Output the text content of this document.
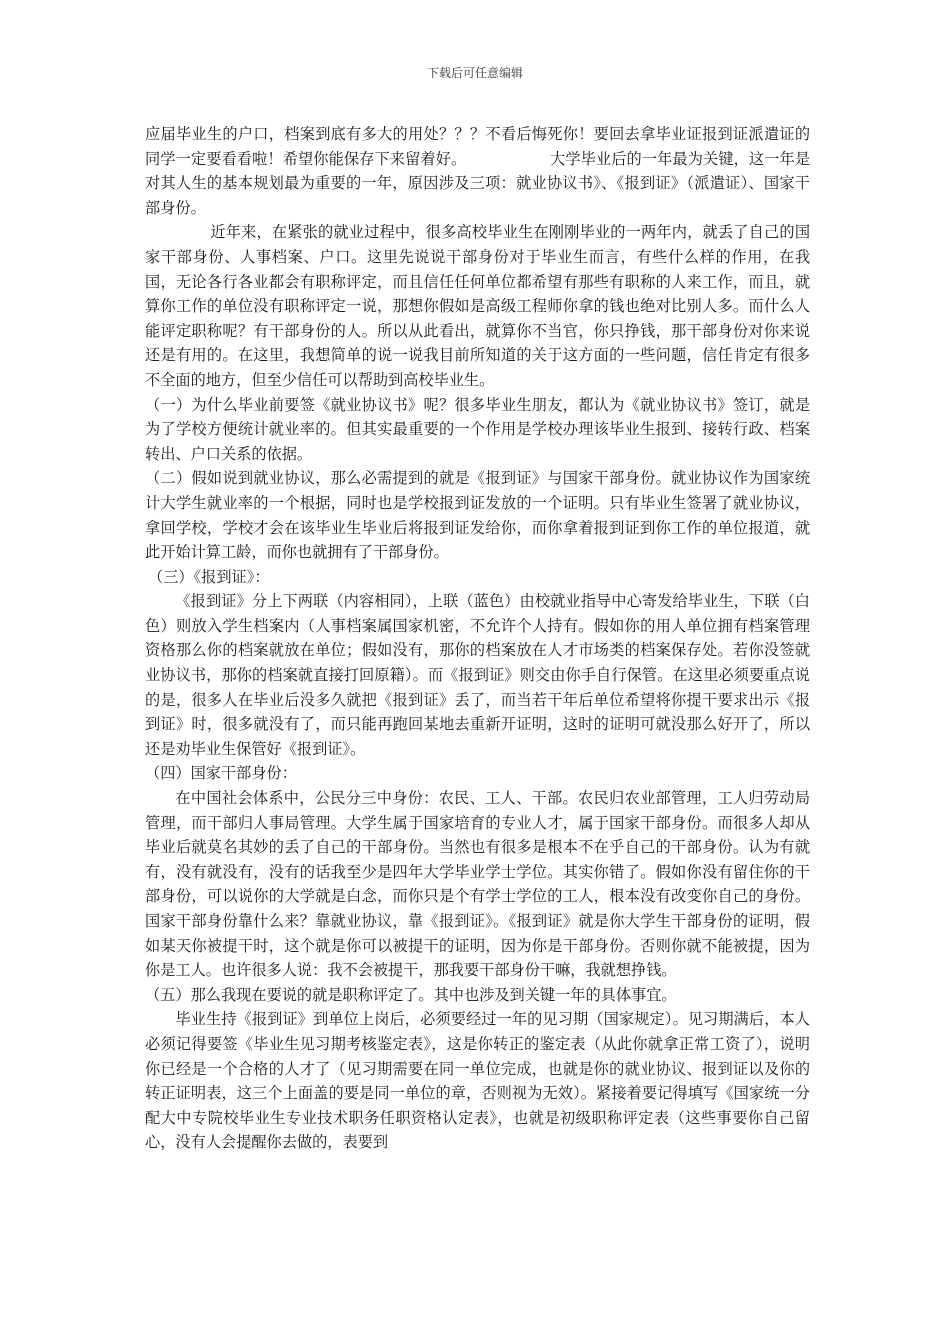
下载后可任意编辑

应届毕业生的户口，档案到底有多大的用处？？？不看后悔死你！要回去拿毕业证报到证派遣证的同学一定要看看啦！希望你能保存下来留着好。	大学毕业后的一年最为关键，这一年是对其人生的基本规划最为重要的一年，原因涉及三项：就业协议书》、《报到证》（派遣证）、国家干部身份。

近年来，在紧张的就业过程中，很多高校毕业生在刚刚毕业的一两年内，就丢了自己的国家干部身份、人事档案、户口。这里先说说干部身份对于毕业生而言，有些什么样的作用，在我国，无论各行各业都会有职称评定，而且信任任何单位都希望有那些有职称的人来工作，而且，就算你工作的单位没有职称评定一说，那想你假如是高级工程师你拿的钱也绝对比别人多。而什么人能评定职称呢？有干部身份的人。所以从此看出，就算你不当官，你只挣钱，那干部身份对你来说还是有用的。在这里，我想简单的说一说我目前所知道的关于这方面的一些问题，信任肯定有很多不全面的地方，但至少信任可以帮助到高校毕业生。

（一）为什么毕业前要签《就业协议书》呢？很多毕业生朋友，都认为《就业协议书》签订，就是为了学校方便统计就业率的。但其实最重要的一个作用是学校办理该毕业生报到、接转行政、档案转出、户口关系的依据。

（二）假如说到就业协议，那么必需提到的就是《报到证》与国家干部身份。就业协议作为国家统计大学生就业率的一个根据，同时也是学校报到证发放的一个证明。只有毕业生签署了就业协议，拿回学校，学校才会在该毕业生毕业后将报到证发给你，而你拿着报到证到你工作的单位报道，就此开始计算工龄，而你也就拥有了干部身份。

（三）《报到证》：

《报到证》分上下两联（内容相同），上联（蓝色）由校就业指导中心寄发给毕业生，下联（白色）则放入学生档案内（人事档案属国家机密，不允许个人持有。假如你的用人单位拥有档案管理资格那么你的档案就放在单位；假如没有，那你的档案放在人才市场类的档案保存处。若你没签就业协议书，那你的档案就直接打回原籍）。而《报到证》则交由你手自行保管。在这里必须要重点说的是，很多人在毕业后没多久就把《报到证》丢了，而当若干年后单位希望将你提干要求出示《报到证》时，很多就没有了，而只能再跑回某地去重新开证明，这时的证明可就没那么好开了，所以还是劝毕业生保管好《报到证》。

（四）国家干部身份：

在中国社会体系中，公民分三中身份：农民、工人、干部。农民归农业部管理，工人归劳动局管理，而干部归人事局管理。大学生属于国家培育的专业人才，属于国家干部身份。而很多人却从毕业后就莫名其妙的丢了自己的干部身份。当然也有很多是根本不在乎自己的干部身份。认为有就有，没有就没有，没有的话我至少是四年大学毕业学士学位。其实你错了。假如你没有留住你的干部身份，可以说你的大学就是白念，而你只是个有学士学位的工人，根本没有改变你自己的身份。国家干部身份靠什么来？靠就业协议，靠《报到证》。《报到证》就是你大学生干部身份的证明，假如某天你被提干时，这个就是你可以被提干的证明，因为你是干部身份。否则你就不能被提，因为你是工人。也许很多人说：我不会被提干，那我要干部身份干嘛，我就想挣钱。

（五）那么我现在要说的就是职称评定了。其中也涉及到关键一年的具体事宜。

毕业生持《报到证》到单位上岗后，必须要经过一年的见习期（国家规定）。见习期满后，本人必须记得要签《毕业生见习期考核鉴定表》，这是你转正的鉴定表（从此你就拿正常工资了），说明你已经是一个合格的人才了（见习期需要在同一单位完成，也就是你的就业协议、报到证以及你的转正证明表，这三个上面盖的要是同一单位的章，否则视为无效）。紧接着要记得填写《国家统一分配大中专院校毕业生专业技术职务任职资格认定表》，也就是初级职称评定表（这些事要你自己留心，没有人会提醒你去做的，表要到
